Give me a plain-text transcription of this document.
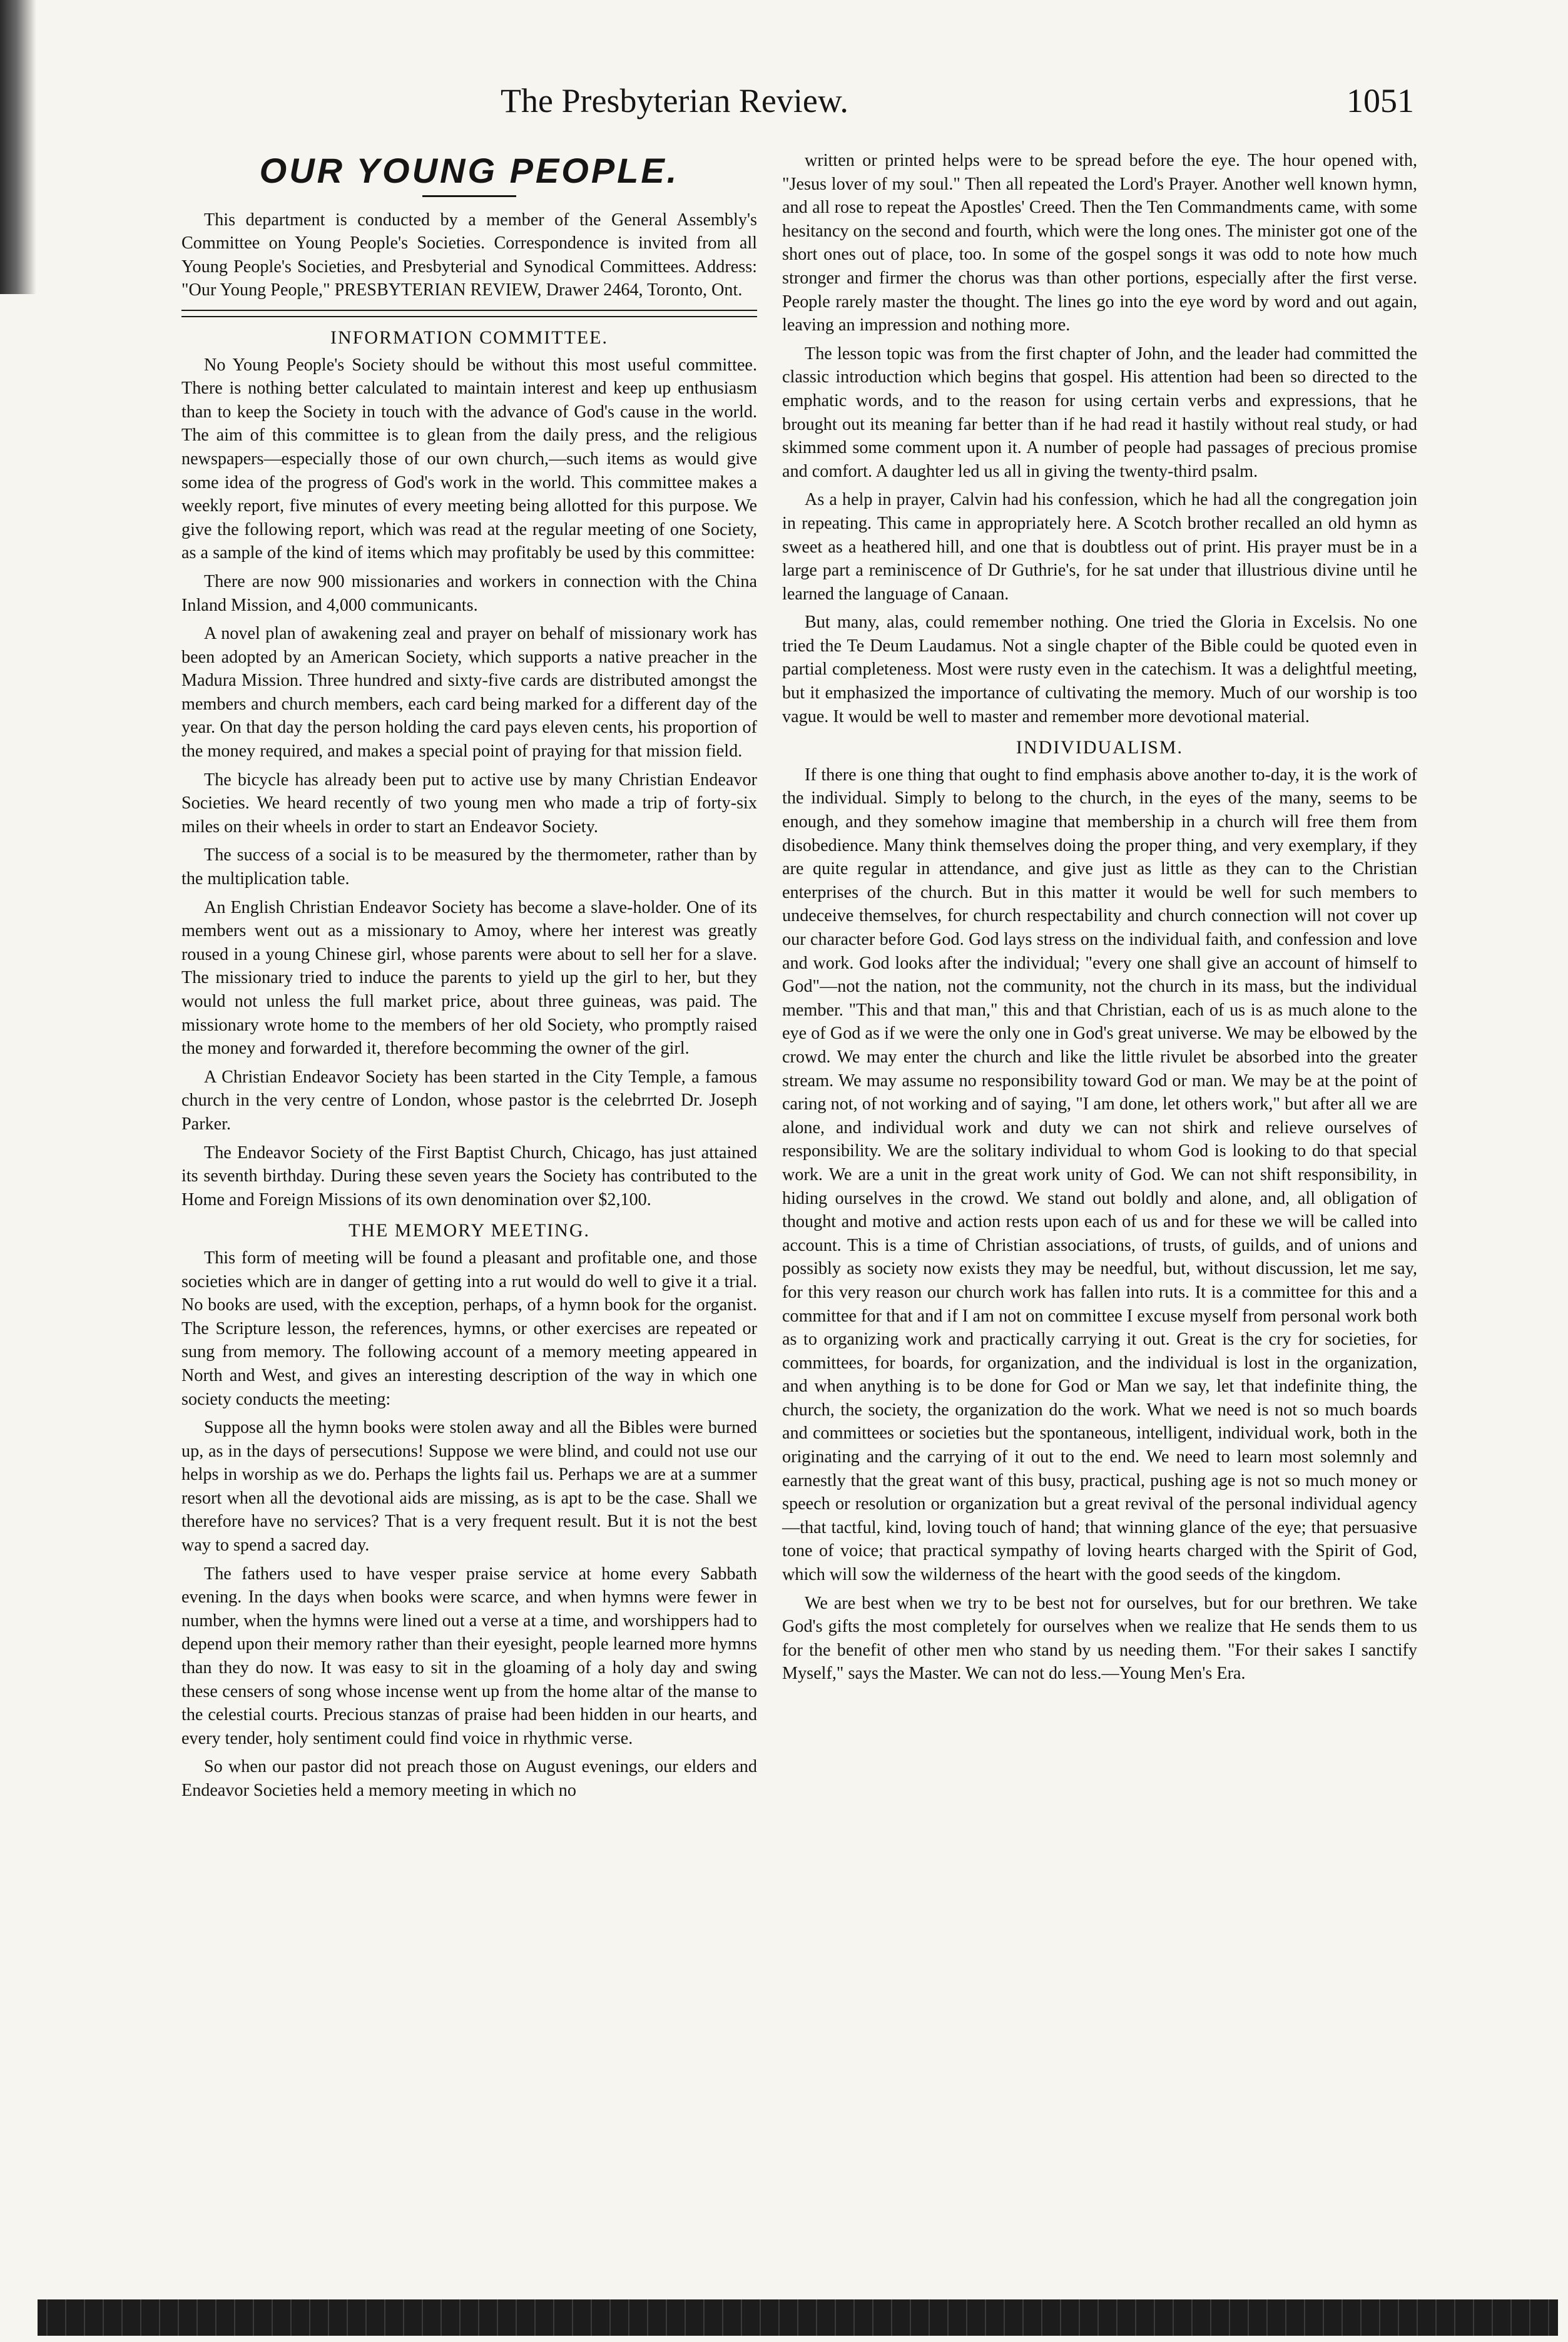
The Presbyterian Review.	1051
OUR YOUNG PEOPLE.

This department is conducted by a member of the General Assembly's Committee on Young People's Societies. Correspondence is invited from all Young People's Societies, and Presbyterial and Synodical Committees. Address: "Our Young People," PRESBYTERIAN REVIEW, Drawer 2464, Toronto, Ont.

INFORMATION COMMITTEE.

No Young People's Society should be without this most useful committee. There is nothing better calculated to maintain interest and keep up enthusiasm than to keep the Society in touch with the advance of God's cause in the world. The aim of this committee is to glean from the daily press, and the religious newspapers—especially those of our own church,—such items as would give some idea of the progress of God's work in the world. This committee makes a weekly report, five minutes of every meeting being allotted for this purpose. We give the following report, which was read at the regular meeting of one Society, as a sample of the kind of items which may profitably be used by this committee:

There are now 900 missionaries and workers in connection with the China Inland Mission, and 4,000 communicants.

A novel plan of awakening zeal and prayer on behalf of missionary work has been adopted by an American Society, which supports a native preacher in the Madura Mission. Three hundred and sixty-five cards are distributed amongst the members and church members, each card being marked for a different day of the year. On that day the person holding the card pays eleven cents, his proportion of the money required, and makes a special point of praying for that mission field.

The bicycle has already been put to active use by many Christian Endeavor Societies. We heard recently of two young men who made a trip of forty-six miles on their wheels in order to start an Endeavor Society.

The success of a social is to be measured by the thermometer, rather than by the multiplication table.

An English Christian Endeavor Society has become a slave-holder. One of its members went out as a missionary to Amoy, where her interest was greatly roused in a young Chinese girl, whose parents were about to sell her for a slave. The missionary tried to induce the parents to yield up the girl to her, but they would not unless the full market price, about three guineas, was paid. The missionary wrote home to the members of her old Society, who promptly raised the money and forwarded it, therefore becomming the owner of the girl.

A Christian Endeavor Society has been started in the City Temple, a famous church in the very centre of London, whose pastor is the celebrrted Dr. Joseph Parker.

The Endeavor Society of the First Baptist Church, Chicago, has just attained its seventh birthday. During these seven years the Society has contributed to the Home and Foreign Missions of its own denomination over $2,100.

THE MEMORY MEETING.

This form of meeting will be found a pleasant and profitable one, and those societies which are in danger of getting into a rut would do well to give it a trial. No books are used, with the exception, perhaps, of a hymn book for the organist. The Scripture lesson, the references, hymns, or other exercises are repeated or sung from memory. The following account of a memory meeting appeared in North and West, and gives an interesting description of the way in which one society conducts the meeting:

Suppose all the hymn books were stolen away and all the Bibles were burned up, as in the days of persecutions! Suppose we were blind, and could not use our helps in worship as we do. Perhaps the lights fail us. Perhaps we are at a summer resort when all the devotional aids are missing, as is apt to be the case. Shall we therefore have no services? That is a very frequent result. But it is not the best way to spend a sacred day.

The fathers used to have vesper praise service at home every Sabbath evening. In the days when books were scarce, and when hymns were fewer in number, when the hymns were lined out a verse at a time, and worshippers had to depend upon their memory rather than their eyesight, people learned more hymns than they do now. It was easy to sit in the gloaming of a holy day and swing these censers of song whose incense went up from the home altar of the manse to the celestial courts. Precious stanzas of praise had been hidden in our hearts, and every tender, holy sentiment could find voice in rhythmic verse.

So when our pastor did not preach those on August evenings, our elders and Endeavor Societies held a memory meeting in which no

written or printed helps were to be spread before the eye. The hour opened with, "Jesus lover of my soul." Then all repeated the Lord's Prayer. Another well known hymn, and all rose to repeat the Apostles' Creed. Then the Ten Commandments came, with some hesitancy on the second and fourth, which were the long ones. The minister got one of the short ones out of place, too. In some of the gospel songs it was odd to note how much stronger and firmer the chorus was than other portions, especially after the first verse. People rarely master the thought. The lines go into the eye word by word and out again, leaving an impression and nothing more.

The lesson topic was from the first chapter of John, and the leader had committed the classic introduction which begins that gospel. His attention had been so directed to the emphatic words, and to the reason for using certain verbs and expressions, that he brought out its meaning far better than if he had read it hastily without real study, or had skimmed some comment upon it. A number of people had passages of precious promise and comfort. A daughter led us all in giving the twenty-third psalm.

As a help in prayer, Calvin had his confession, which he had all the congregation join in repeating. This came in appropriately here. A Scotch brother recalled an old hymn as sweet as a heathered hill, and one that is doubtless out of print. His prayer must be in a large part a reminiscence of Dr Guthrie's, for he sat under that illustrious divine until he learned the language of Canaan.

But many, alas, could remember nothing. One tried the Gloria in Excelsis. No one tried the Te Deum Laudamus. Not a single chapter of the Bible could be quoted even in partial completeness. Most were rusty even in the catechism. It was a delightful meeting, but it emphasized the importance of cultivating the memory. Much of our worship is too vague. It would be well to master and remember more devotional material.

INDIVIDUALISM.

If there is one thing that ought to find emphasis above another to-day, it is the work of the individual. Simply to belong to the church, in the eyes of the many, seems to be enough, and they somehow imagine that membership in a church will free them from disobedience. Many think themselves doing the proper thing, and very exemplary, if they are quite regular in attendance, and give just as little as they can to the Christian enterprises of the church. But in this matter it would be well for such members to undeceive themselves, for church respectability and church connection will not cover up our character before God. God lays stress on the individual faith, and confession and love and work. God looks after the individual; "every one shall give an account of himself to God"—not the nation, not the community, not the church in its mass, but the individual member. "This and that man," this and that Christian, each of us is as much alone to the eye of God as if we were the only one in God's great universe. We may be elbowed by the crowd. We may enter the church and like the little rivulet be absorbed into the greater stream. We may assume no responsibility toward God or man. We may be at the point of caring not, of not working and of saying, "I am done, let others work," but after all we are alone, and individual work and duty we can not shirk and relieve ourselves of responsibility. We are the solitary individual to whom God is looking to do that special work. We are a unit in the great work unity of God. We can not shift responsibility, in hiding ourselves in the crowd. We stand out boldly and alone, and, all obligation of thought and motive and action rests upon each of us and for these we will be called into account. This is a time of Christian associations, of trusts, of guilds, and of unions and possibly as society now exists they may be needful, but, without discussion, let me say, for this very reason our church work has fallen into ruts. It is a committee for this and a committee for that and if I am not on committee I excuse myself from personal work both as to organizing work and practically carrying it out. Great is the cry for societies, for committees, for boards, for organization, and the individual is lost in the organization, and when anything is to be done for God or Man we say, let that indefinite thing, the church, the society, the organization do the work. What we need is not so much boards and committees or societies but the spontaneous, intelligent, individual work, both in the originating and the carrying of it out to the end. We need to learn most solemnly and earnestly that the great want of this busy, practical, pushing age is not so much money or speech or resolution or organization but a great revival of the personal individual agency—that tactful, kind, loving touch of hand; that winning glance of the eye; that persuasive tone of voice; that practical sympathy of loving hearts charged with the Spirit of God, which will sow the wilderness of the heart with the good seeds of the kingdom.

We are best when we try to be best not for ourselves, but for our brethren. We take God's gifts the most completely for ourselves when we realize that He sends them to us for the benefit of other men who stand by us needing them. "For their sakes I sanctify Myself," says the Master. We can not do less.—Young Men's Era.
